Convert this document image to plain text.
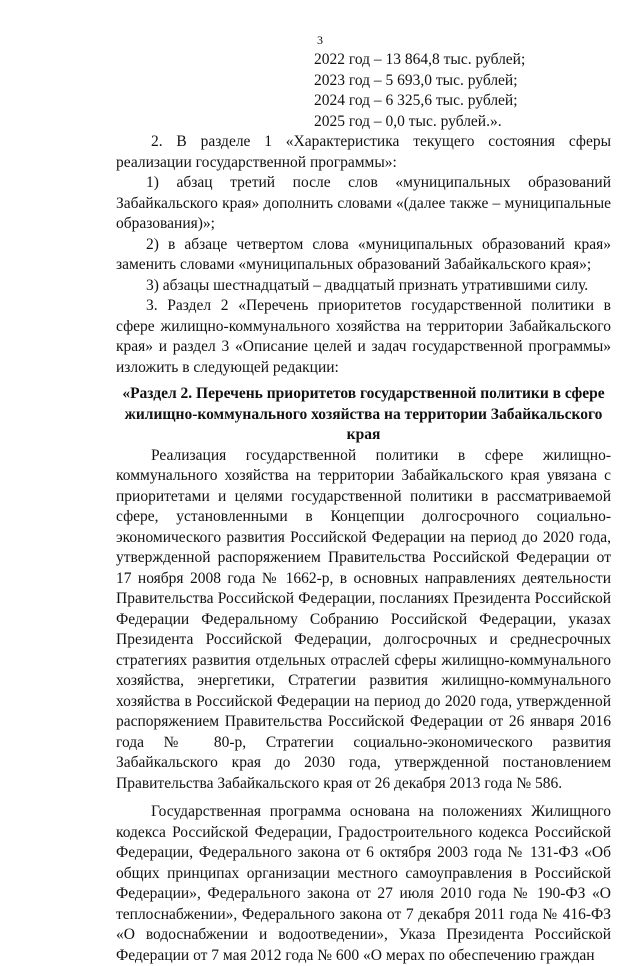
3
2022 год – 13 864,8 тыс. рублей;
2023 год – 5 693,0 тыс. рублей;
2024 год – 6 325,6 тыс. рублей;
2025 год – 0,0 тыс. рублей.».

2. В разделе 1 «Характеристика текущего состояния сферы реализации государственной программы»:

1) абзац третий после слов «муниципальных образований Забайкальского края» дополнить словами «(далее также – муниципальные образования)»;

2) в абзаце четвертом слова «муниципальных образований края» заменить словами «муниципальных образований Забайкальского края»;

3) абзацы шестнадцатый – двадцатый признать утратившими силу.

3. Раздел 2 «Перечень приоритетов государственной политики в сфере жилищно-коммунального хозяйства на территории Забайкальского края» и раздел 3 «Описание целей и задач государственной программы» изложить в следующей редакции:

«Раздел 2. Перечень приоритетов государственной политики в сфере жилищно-коммунального хозяйства на территории Забайкальского края

Реализация государственной политики в сфере жилищно-коммунального хозяйства на территории Забайкальского края увязана с приоритетами и целями государственной политики в рассматриваемой сфере, установленными в Концепции долгосрочного социально-экономического развития Российской Федерации на период до 2020 года, утвержденной распоряжением Правительства Российской Федерации от 17 ноября 2008 года № 1662-р, в основных направлениях деятельности Правительства Российской Федерации, посланиях Президента Российской Федерации Федеральному Собранию Российской Федерации, указах Президента Российской Федерации, долгосрочных и среднесрочных стратегиях развития отдельных отраслей сферы жилищно-коммунального хозяйства, энергетики, Стратегии развития жилищно-коммунального хозяйства в Российской Федерации на период до 2020 года, утвержденной распоряжением Правительства Российской Федерации от 26 января 2016 года № 80-р, Стратегии социально-экономического развития Забайкальского края до 2030 года, утвержденной постановлением Правительства Забайкальского края от 26 декабря 2013 года № 586.

Государственная программа основана на положениях Жилищного кодекса Российской Федерации, Градостроительного кодекса Российской Федерации, Федерального закона от 6 октября 2003 года № 131-ФЗ «Об общих принципах организации местного самоуправления в Российской Федерации», Федерального закона от 27 июля 2010 года № 190-ФЗ «О теплоснабжении», Федерального закона от 7 декабря 2011 года № 416-ФЗ «О водоснабжении и водоотведении», Указа Президента Российской Федерации от 7 мая 2012 года № 600 «О мерах по обеспечению граждан
